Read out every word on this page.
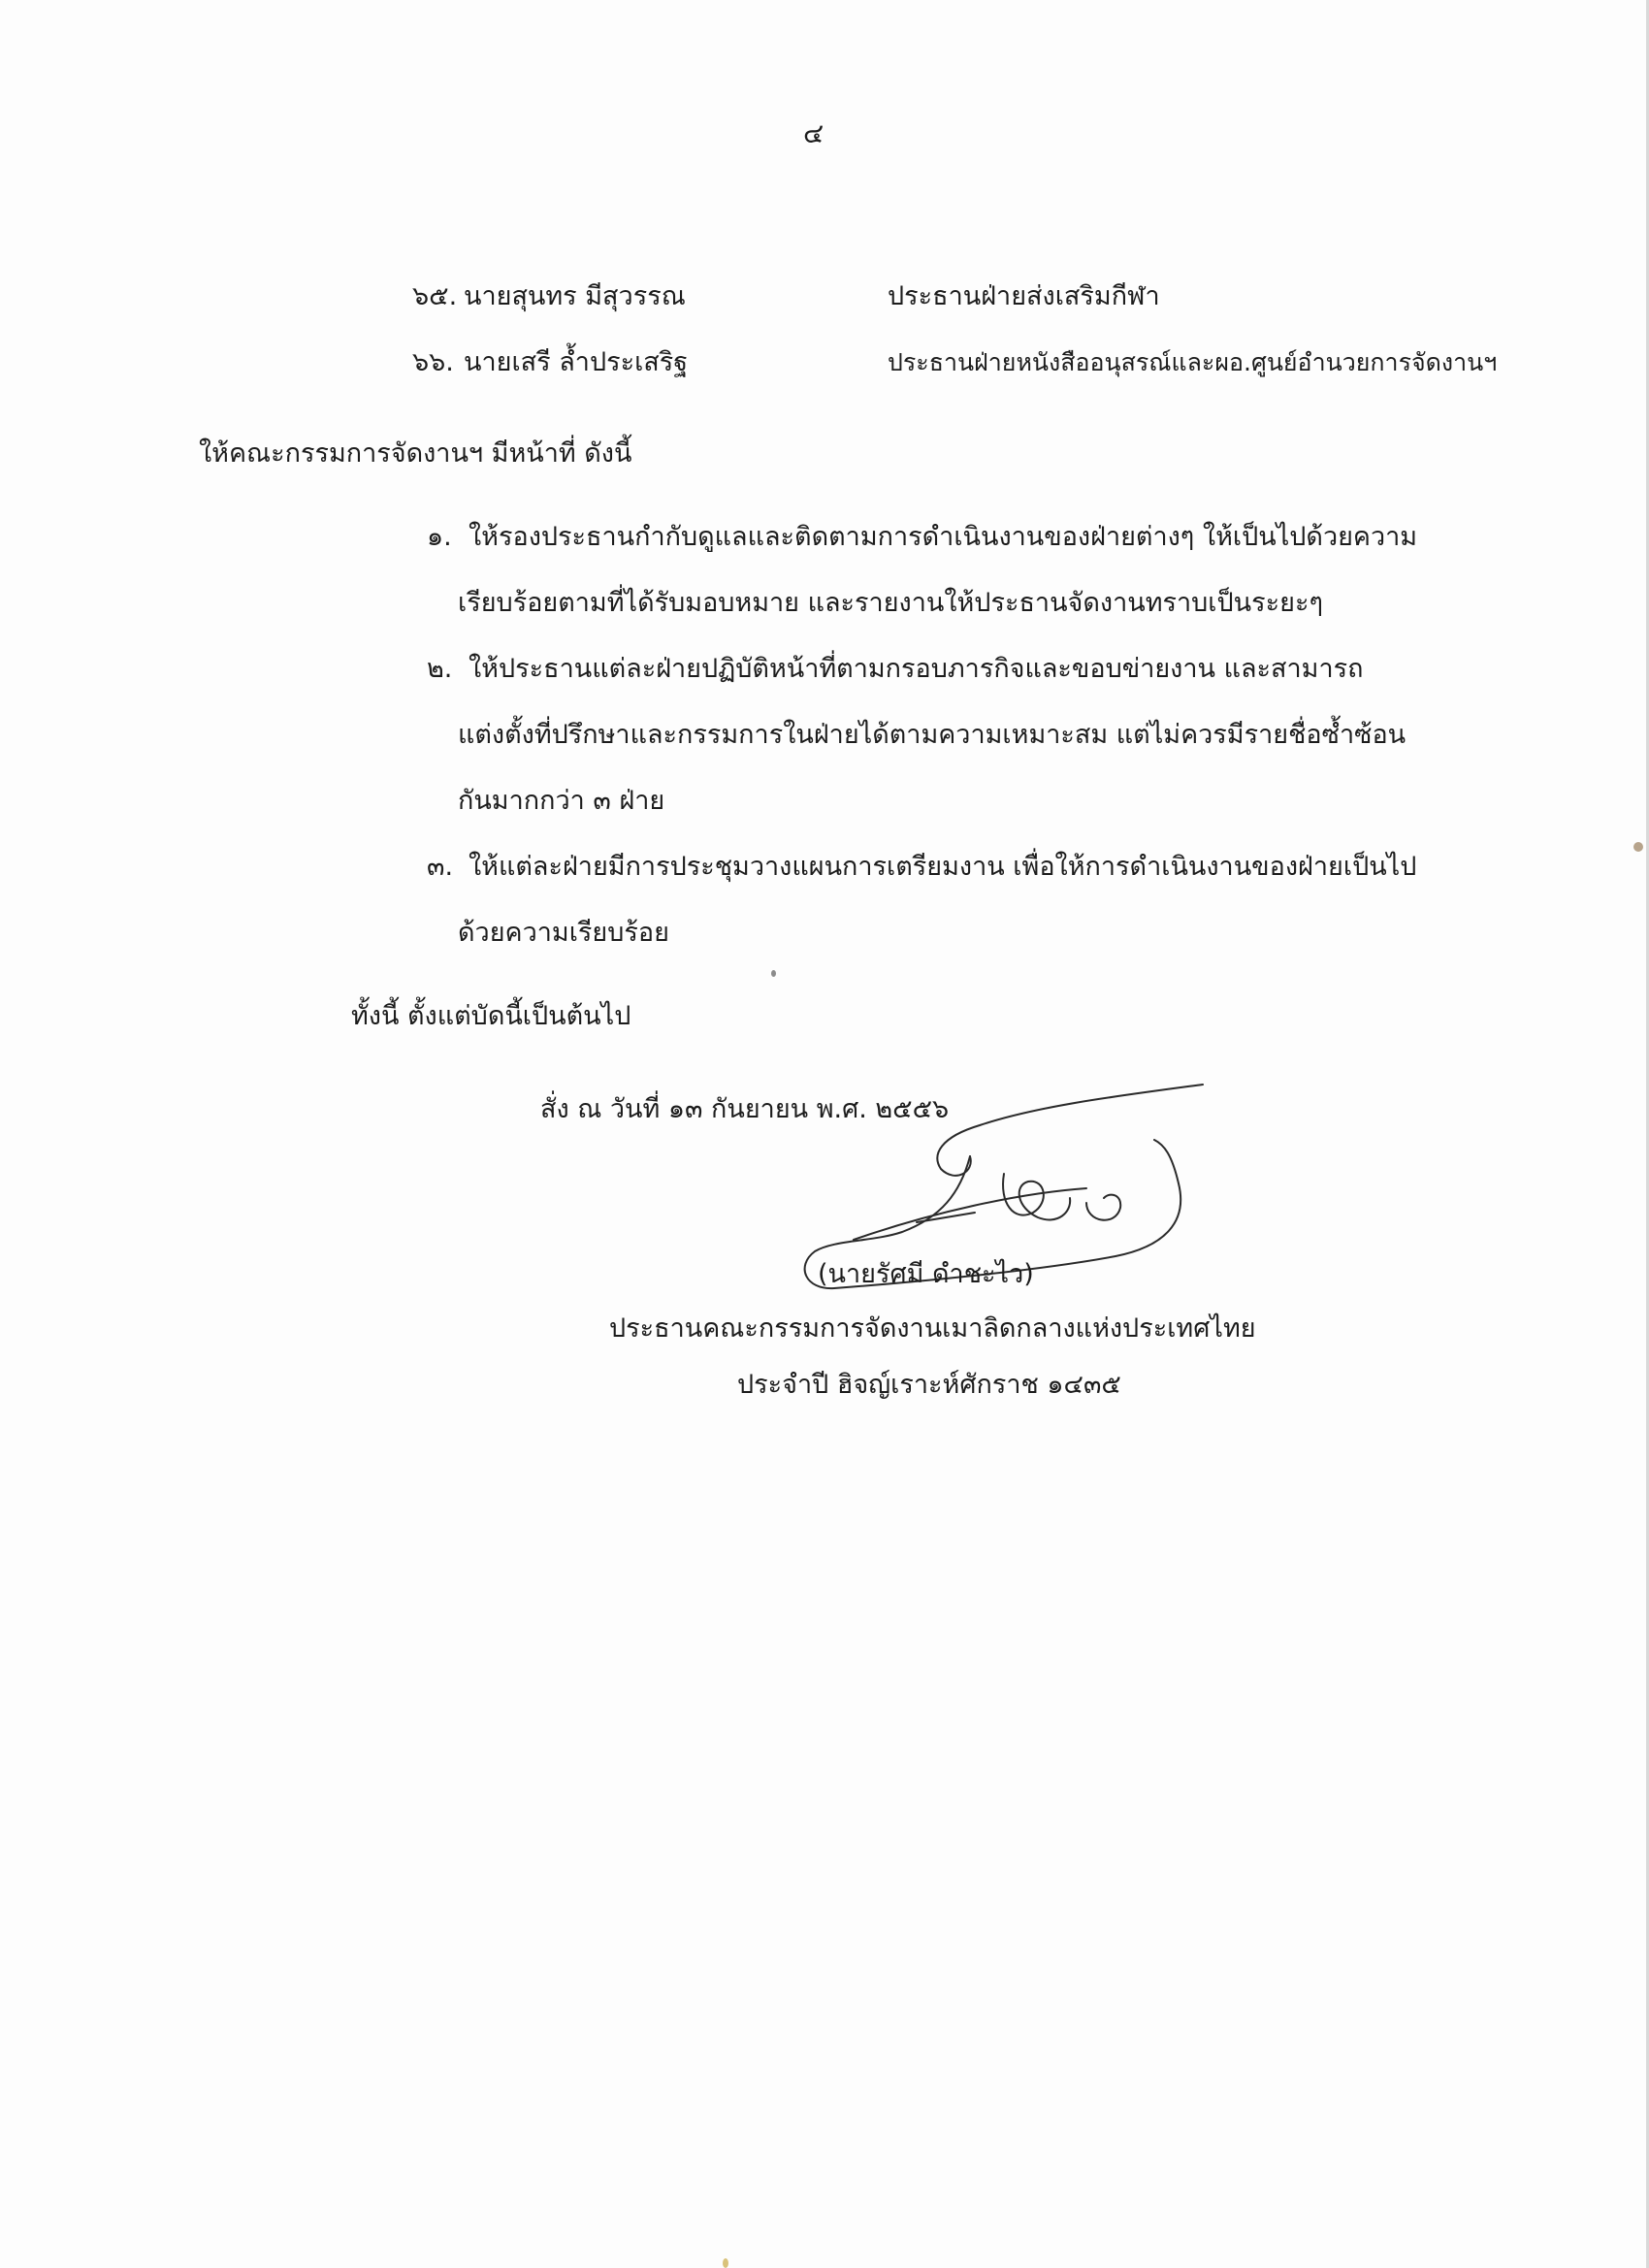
๔
๖๕. นายสุนทร มีสุวรรณ	ประธานฝ่ายส่งเสริมกีฬา
๖๖. นายเสรี ล้ำประเสริฐ	ประธานฝ่ายหนังสืออนุสรณ์และผอ.ศูนย์อำนวยการจัดงานฯ
ให้คณะกรรมการจัดงานฯ มีหน้าที่ ดังนี้
๑. ให้รองประธานกำกับดูแลและติดตามการดำเนินงานของฝ่ายต่างๆ ให้เป็นไปด้วยความ
เรียบร้อยตามที่ได้รับมอบหมาย และรายงานให้ประธานจัดงานทราบเป็นระยะๆ
๒. ให้ประธานแต่ละฝ่ายปฏิบัติหน้าที่ตามกรอบภารกิจและขอบข่ายงาน และสามารถ
แต่งตั้งที่ปรึกษาและกรรมการในฝ่ายได้ตามความเหมาะสม แต่ไม่ควรมีรายชื่อซ้ำซ้อน
กันมากกว่า ๓ ฝ่าย
๓. ให้แต่ละฝ่ายมีการประชุมวางแผนการเตรียมงาน เพื่อให้การดำเนินงานของฝ่ายเป็นไป
ด้วยความเรียบร้อย
ทั้งนี้ ตั้งแต่บัดนี้เป็นต้นไป
สั่ง ณ วันที่ ๑๓ กันยายน พ.ศ. ๒๕๕๖
(นายรัศมี ดำชะไว)
ประธานคณะกรรมการจัดงานเมาลิดกลางแห่งประเทศไทย
ประจำปี ฮิจญ์เราะห์ศักราช ๑๔๓๕
